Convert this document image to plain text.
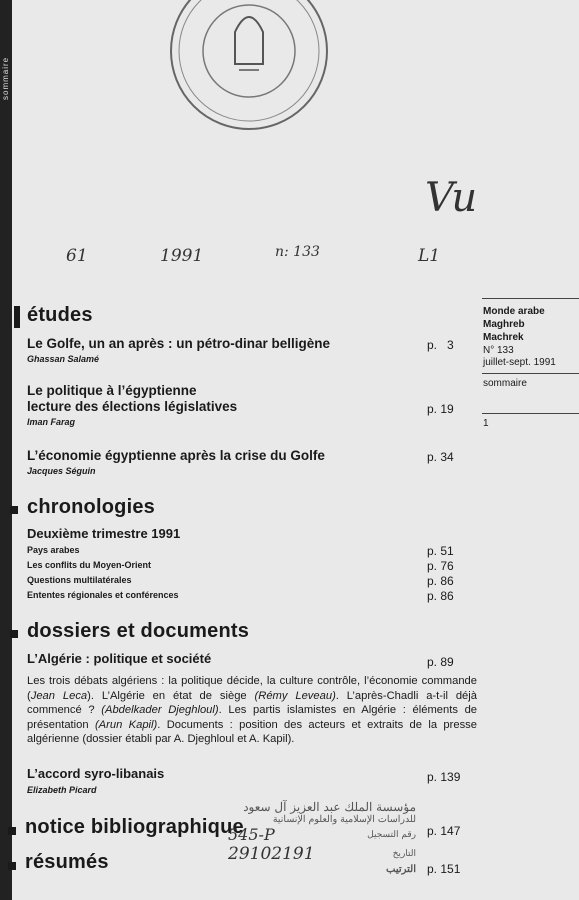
sommaire
Vu
61	1991	n: 133	L1
Monde arabe
Maghreb
Machrek
N° 133
juillet-sept. 1991
sommaire
1
études
Le Golfe, un an après : un pétro-dinar belligène
Ghassan Salamé
p.   3
Le politique à l’égyptienne
lecture des élections législatives
Iman Farag
p. 19
L’économie égyptienne après la crise du Golfe
Jacques Séguin
p. 34
chronologies
Deuxième trimestre 1991
Pays arabes	p. 51
Les conflits du Moyen-Orient	p. 76
Questions multilatérales	p. 86
Ententes régionales et conférences	p. 86
dossiers et documents
L’Algérie : politique et société	p. 89
Les trois débats algériens : la politique décide, la culture contrôle, l’économie commande (Jean Leca). L’Algérie en état de siège (Rémy Leveau). L’après-Chadli a-t-il déjà commencé ? (Abdelkader Djeghloul). Les partis islamistes en Algérie : éléments de présentation (Arun Kapil). Documents : position des acteurs et extraits de la presse algérienne (dossier établi par A. Djeghloul et A. Kapil).
L’accord syro-libanais
Elizabeth Picard
p. 139
notice bibliographique	p. 147
résumés	p. 151
مؤسسة الملك عبد العزيز آل سعود
للدراسات الإسلامية والعلوم الإنسانية
545-P	رقم التسجيل
29102191	التاريخ
الترتيب
